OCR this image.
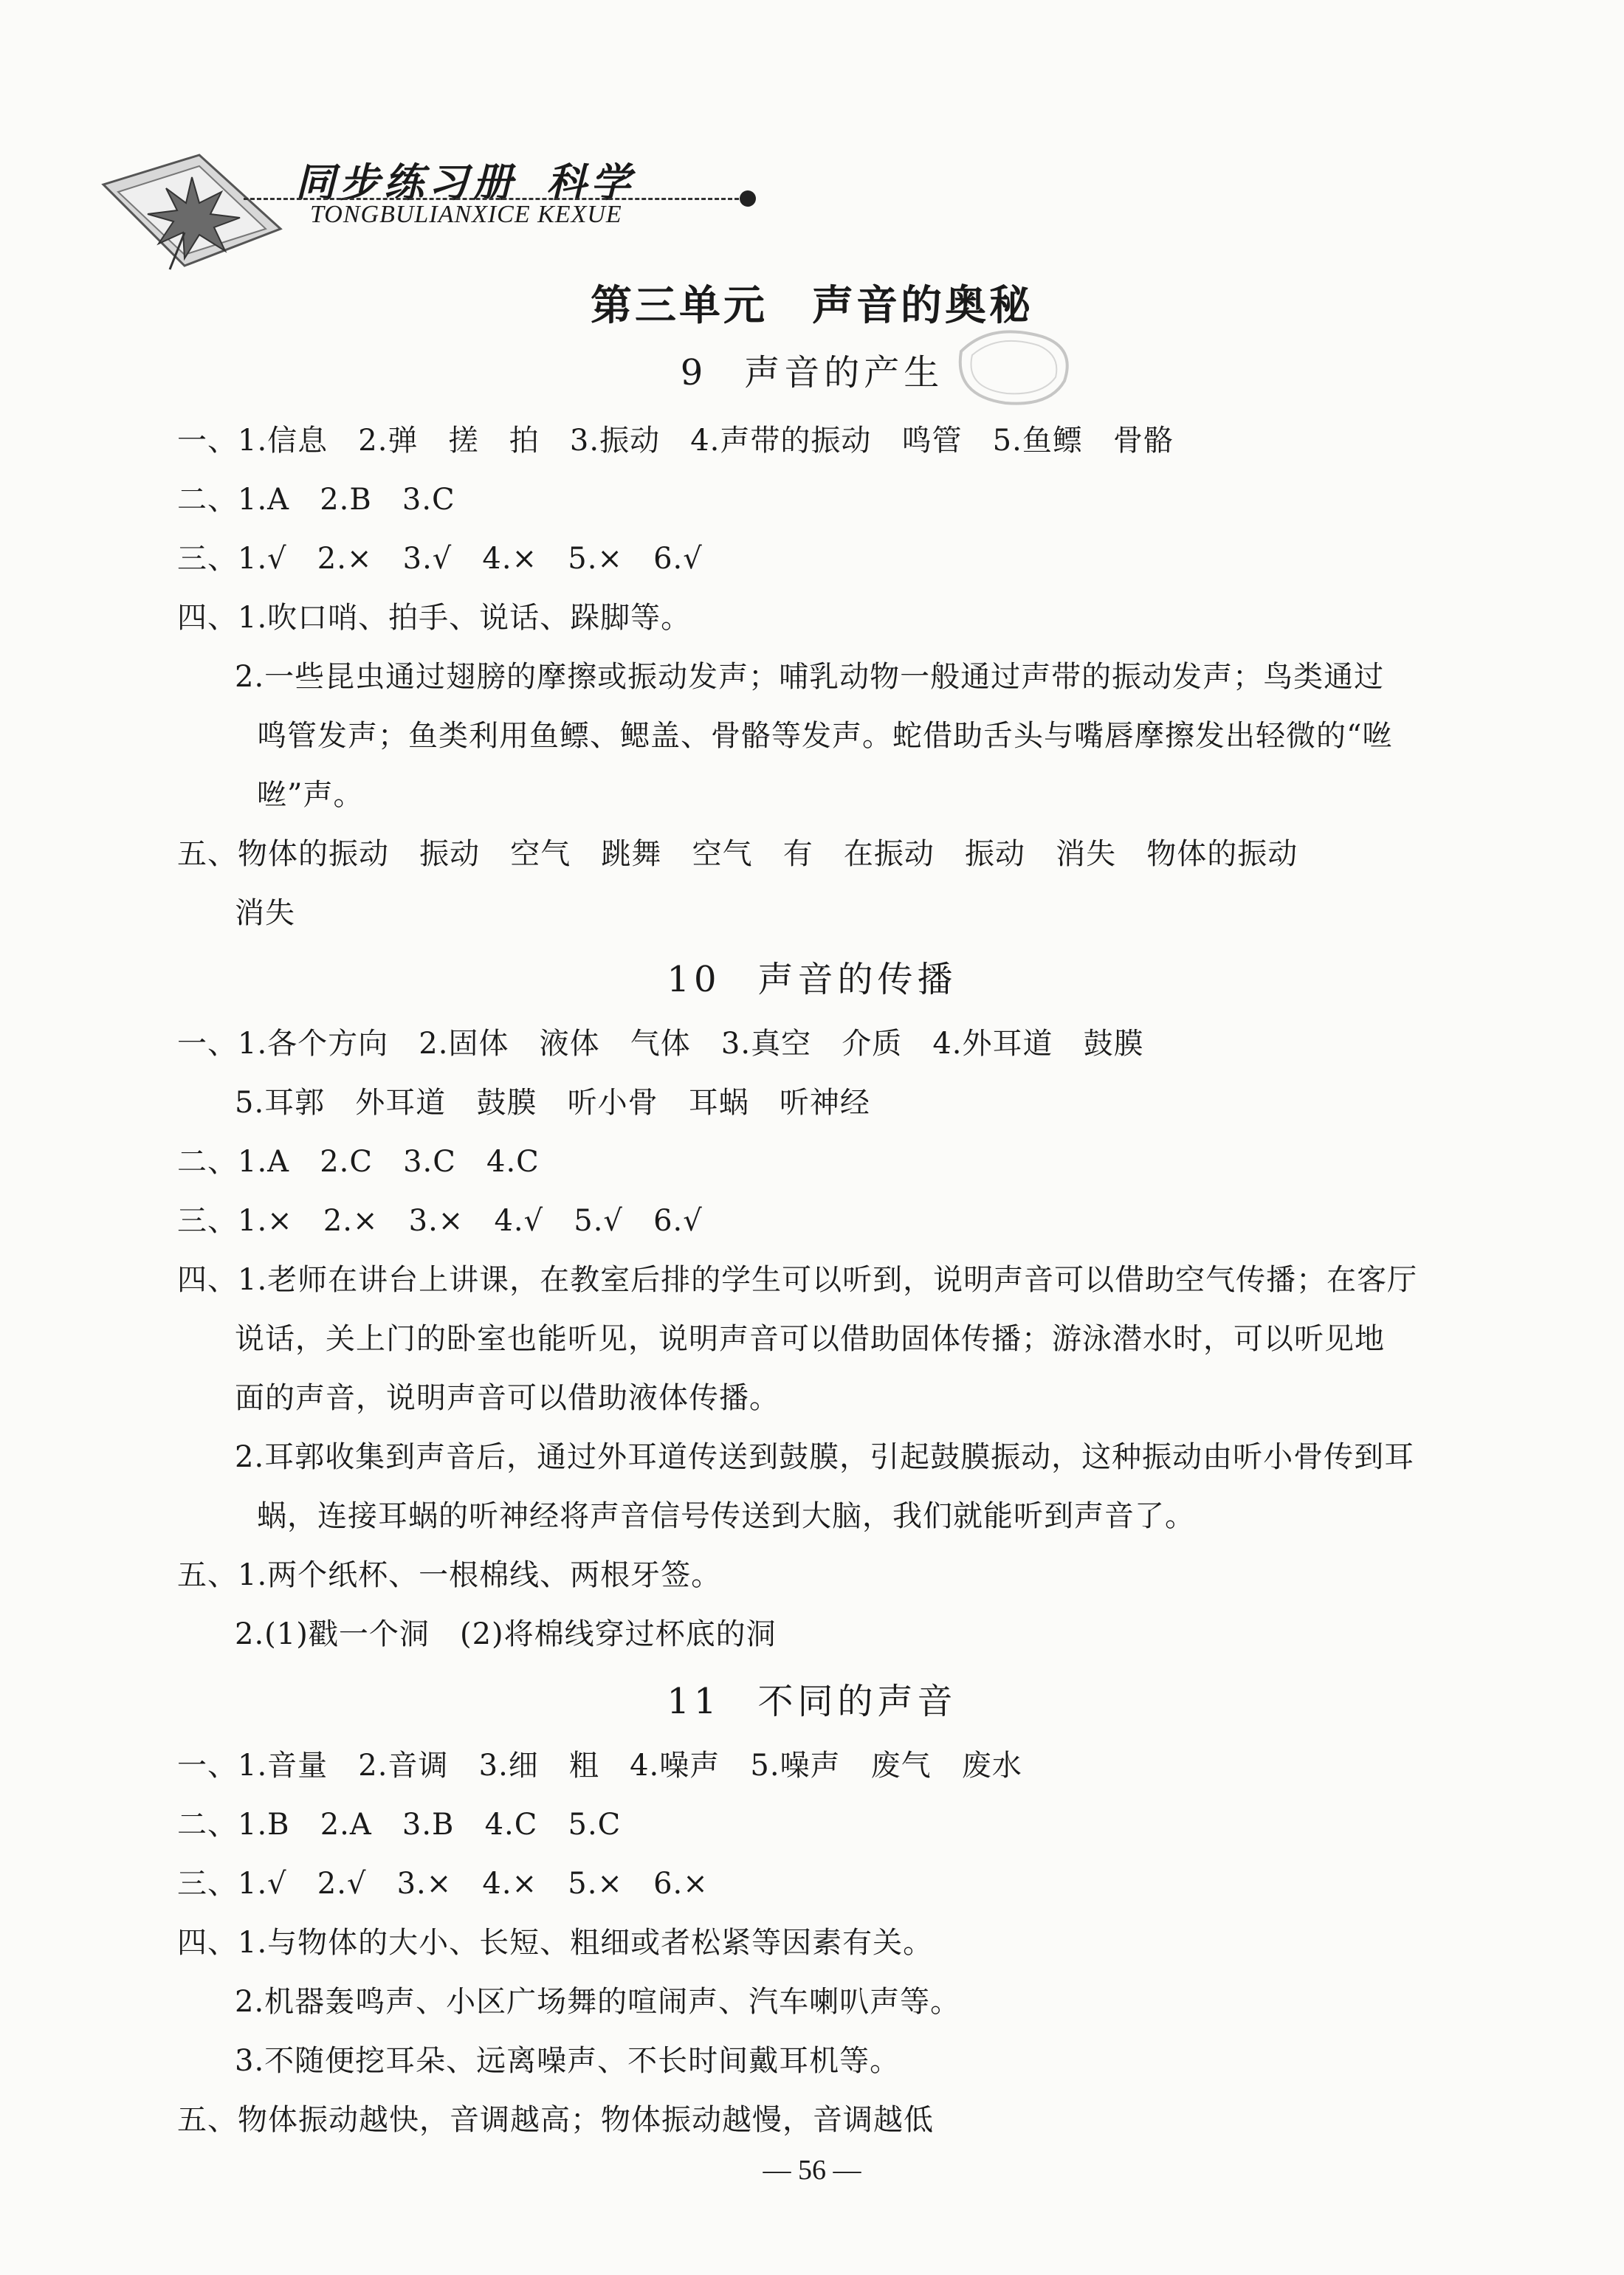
同步练习册 科学
TONGBULIANXICE KEXUE
第三单元 声音的奥秘
9 声音的产生
一、1.信息   2.弹   搓   拍   3.振动   4.声带的振动   鸣管   5.鱼鳔   骨骼
二、1.A   2.B   3.C
三、1.√   2.×   3.√   4.×   5.×   6.√
四、1.吹口哨、拍手、说话、跺脚等。
2.一些昆虫通过翅膀的摩擦或振动发声；哺乳动物一般通过声带的振动发声；鸟类通过
鸣管发声；鱼类利用鱼鳔、鳃盖、骨骼等发声。蛇借助舌头与嘴唇摩擦发出轻微的“咝
咝”声。
五、物体的振动   振动   空气   跳舞   空气   有   在振动   振动   消失   物体的振动
消失
10 声音的传播
一、1.各个方向   2.固体   液体   气体   3.真空   介质   4.外耳道   鼓膜
5.耳郭   外耳道   鼓膜   听小骨   耳蜗   听神经
二、1.A   2.C   3.C   4.C
三、1.×   2.×   3.×   4.√   5.√   6.√
四、1.老师在讲台上讲课，在教室后排的学生可以听到，说明声音可以借助空气传播；在客厅
说话，关上门的卧室也能听见，说明声音可以借助固体传播；游泳潜水时，可以听见地
面的声音，说明声音可以借助液体传播。
2.耳郭收集到声音后，通过外耳道传送到鼓膜，引起鼓膜振动，这种振动由听小骨传到耳
蜗，连接耳蜗的听神经将声音信号传送到大脑，我们就能听到声音了。
五、1.两个纸杯、一根棉线、两根牙签。
2.(1)戳一个洞   (2)将棉线穿过杯底的洞
11 不同的声音
一、1.音量   2.音调   3.细   粗   4.噪声   5.噪声   废气   废水
二、1.B   2.A   3.B   4.C   5.C
三、1.√   2.√   3.×   4.×   5.×   6.×
四、1.与物体的大小、长短、粗细或者松紧等因素有关。
2.机器轰鸣声、小区广场舞的喧闹声、汽车喇叭声等。
3.不随便挖耳朵、远离噪声、不长时间戴耳机等。
五、物体振动越快，音调越高；物体振动越慢，音调越低
— 56 —
